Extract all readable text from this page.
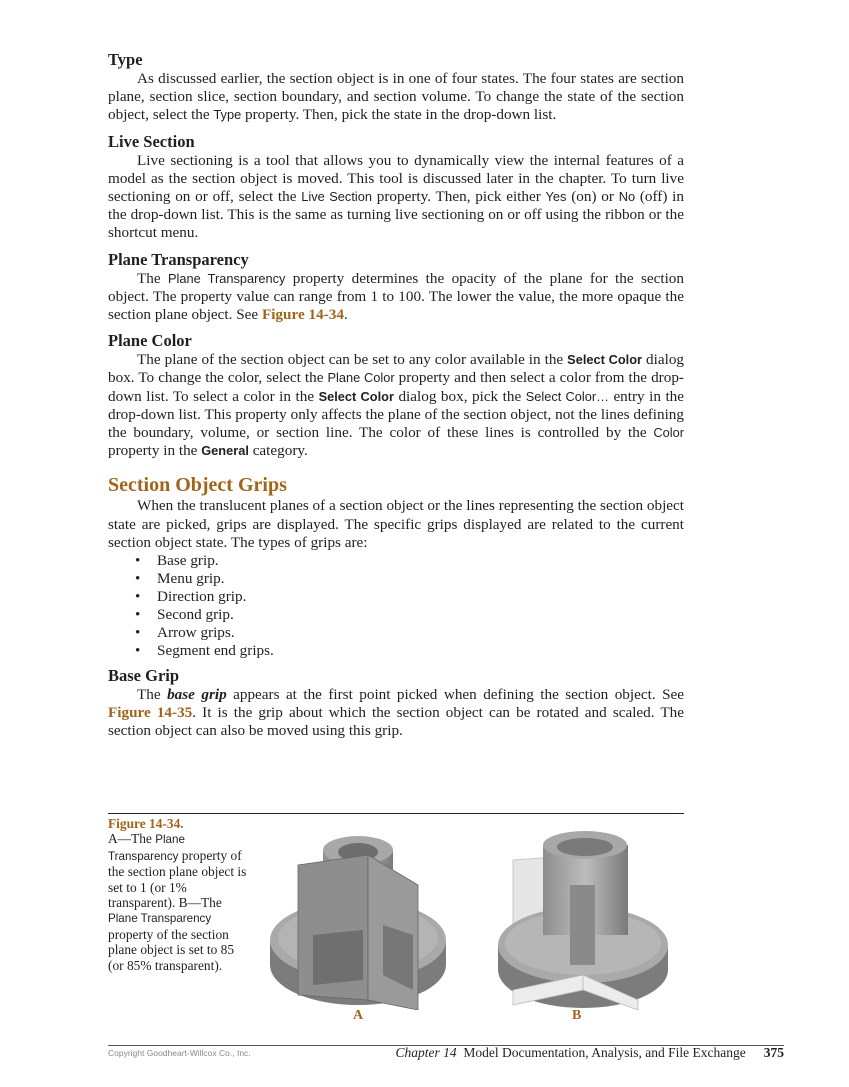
Type

As discussed earlier, the section object is in one of four states. The four states are section plane, section slice, section boundary, and section volume. To change the state of the section object, select the Type property. Then, pick the state in the drop-down list.

Live Section

Live sectioning is a tool that allows you to dynamically view the internal features of a model as the section object is moved. This tool is discussed later in the chapter. To turn live sectioning on or off, select the Live Section property. Then, pick either Yes (on) or No (off) in the drop-down list. This is the same as turning live sectioning on or off using the ribbon or the shortcut menu.

Plane Transparency

The Plane Transparency property determines the opacity of the plane for the section object. The property value can range from 1 to 100. The lower the value, the more opaque the section plane object. See Figure 14-34.

Plane Color

The plane of the section object can be set to any color available in the Select Color dialog box. To change the color, select the Plane Color property and then select a color from the drop-down list. To select a color in the Select Color dialog box, pick the Select Color… entry in the drop-down list. This property only affects the plane of the section object, not the lines defining the boundary, volume, or section line. The color of these lines is controlled by the Color property in the General category.

Section Object Grips

When the translucent planes of a section object or the lines representing the section object state are picked, grips are displayed. The specific grips displayed are related to the current section object state. The types of grips are:

• Base grip.
• Menu grip.
• Direction grip.
• Second grip.
• Arrow grips.
• Segment end grips.
Base Grip

The base grip appears at the first point picked when defining the section object. See Figure 14-35. It is the grip about which the section object can be rotated and scaled. The section object can also be moved using this grip.

Figure 14-34.
A—The Plane Transparency property of the section plane object is set to 1 (or 1% transparent). B—The Plane Transparency property of the section plane object is set to 85 (or 85% transparent).
A	B
Copyright Goodheart-Willcox Co., Inc.	Chapter 14 Model Documentation, Analysis, and File Exchange 375
